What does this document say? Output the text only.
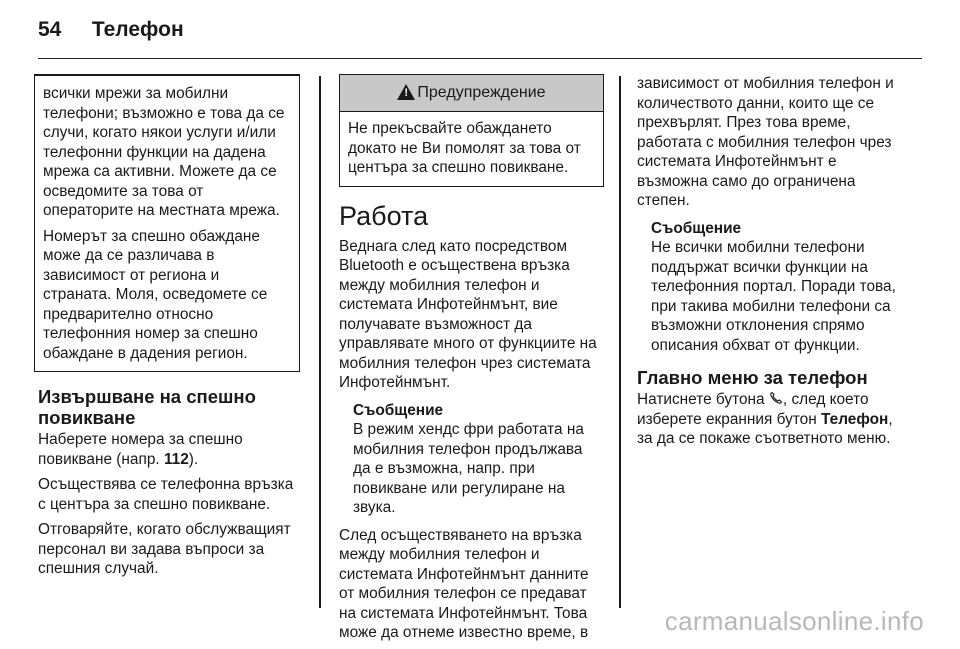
54 Телефон

всички мрежи за мобилни телефони; възможно е това да се случи, когато някои услуги и/или телефонни функции на дадена мрежа са активни. Можете да се осведомите за това от операторите на местната мрежа.

Номерът за спешно обаждане може да се различава в зависимост от региона и страната. Моля, осведомете се предварително относно телефонния номер за спешно обаждане в дадения регион.

Извършване на спешно повикване

Наберете номера за спешно повикване (напр. 112).

Осъществява се телефонна връзка с центъра за спешно повикване.

Отговаряйте, когато обслужващият персонал ви задава въпроси за спешния случай.

!
Предупреждение
Не прекъсвайте обаждането докато не Ви помолят за това от центъра за спешно повикване.
Работа

Веднага след като посредством Bluetooth е осъществена връзка между мобилния телефон и системата Инфотейнмънт, вие получавате възможност да управлявате много от функциите на мобилния телефон чрез системата Инфотейнмънт.

Съобщение

В режим хендс фри работата на мобилния телефон продължава да е възможна, напр. при повикване или регулиране на звука.

След осъществяването на връзка между мобилния телефон и системата Инфотейнмънт данните от мобилния телефон се предават на системата Инфотейнмънт. Това може да отнеме известно време, в

зависимост от мобилния телефон и количеството данни, които ще се прехвърлят. През това време, работата с мобилния телефон чрез системата Инфотейнмънт е възможна само до ограничена степен.

Съобщение

Не всички мобилни телефони поддържат всички функции на телефонния портал. Поради това, при такива мобилни телефони са възможни отклонения спрямо описания обхват от функции.

Главно меню за телефон

Натиснете бутона , след което изберете екранния бутон Телефон, за да се покаже съответното меню.

carmanualsonline.info
